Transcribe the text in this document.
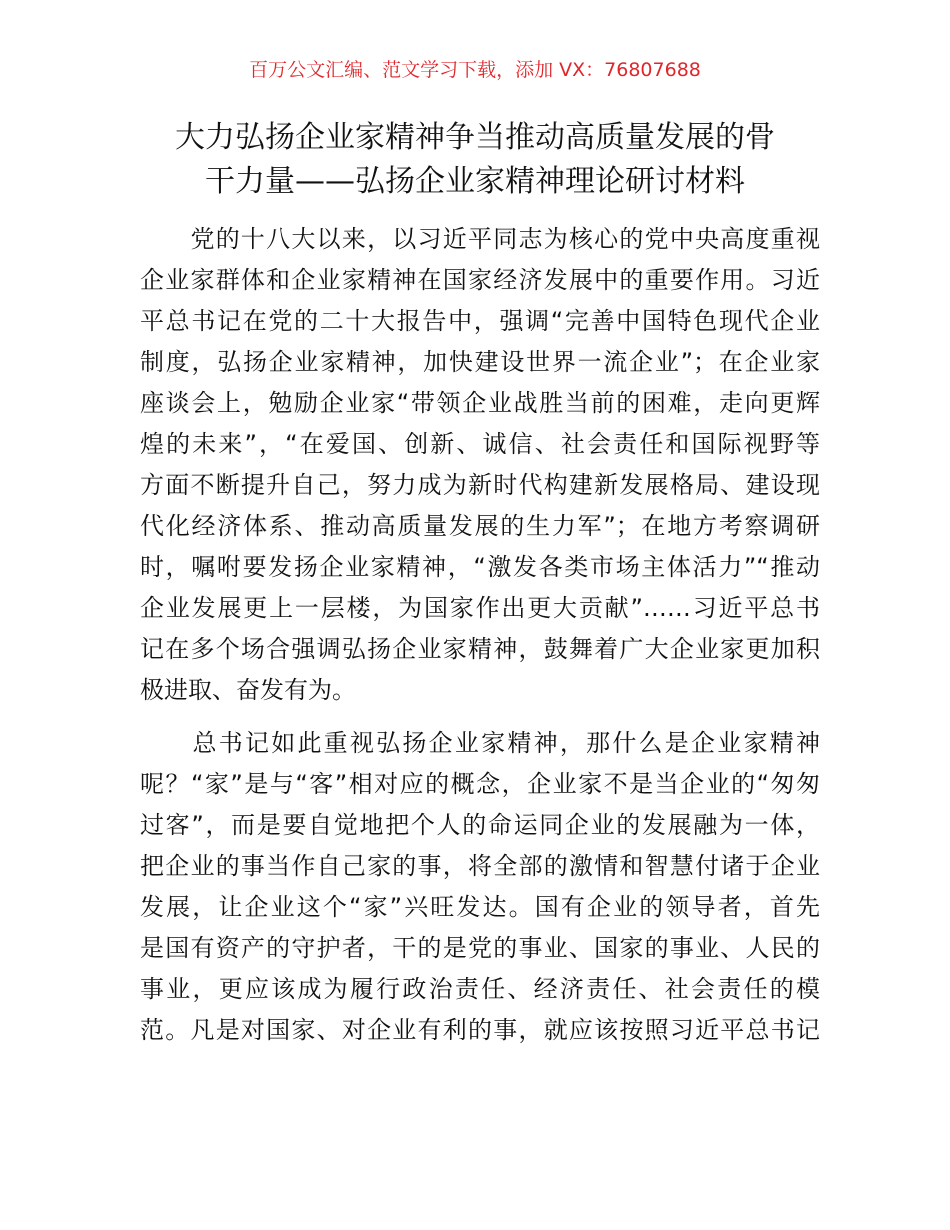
百万公文汇编、范文学习下载，添加 VX：76807688
大力弘扬企业家精神争当推动高质量发展的骨
干力量——弘扬企业家精神理论研讨材料
　　党的十八大以来，以习近平同志为核心的党中央高度重视
企业家群体和企业家精神在国家经济发展中的重要作用。习近
平总书记在党的二十大报告中，强调“完善中国特色现代企业
制度，弘扬企业家精神，加快建设世界一流企业”；在企业家
座谈会上，勉励企业家“带领企业战胜当前的困难，走向更辉
煌的未来”，“在爱国、创新、诚信、社会责任和国际视野等
方面不断提升自己，努力成为新时代构建新发展格局、建设现
代化经济体系、推动高质量发展的生力军”；在地方考察调研
时，嘱咐要发扬企业家精神，“激发各类市场主体活力”“推动
企业发展更上一层楼，为国家作出更大贡献”……习近平总书
记在多个场合强调弘扬企业家精神，鼓舞着广大企业家更加积
极进取、奋发有为。
　　总书记如此重视弘扬企业家精神，那什么是企业家精神
呢？“家”是与“客”相对应的概念，企业家不是当企业的“匆匆
过客”，而是要自觉地把个人的命运同企业的发展融为一体，
把企业的事当作自己家的事，将全部的激情和智慧付诸于企业
发展，让企业这个“家”兴旺发达。国有企业的领导者，首先
是国有资产的守护者，干的是党的事业、国家的事业、人民的
事业，更应该成为履行政治责任、经济责任、社会责任的模
范。凡是对国家、对企业有利的事，就应该按照习近平总书记
